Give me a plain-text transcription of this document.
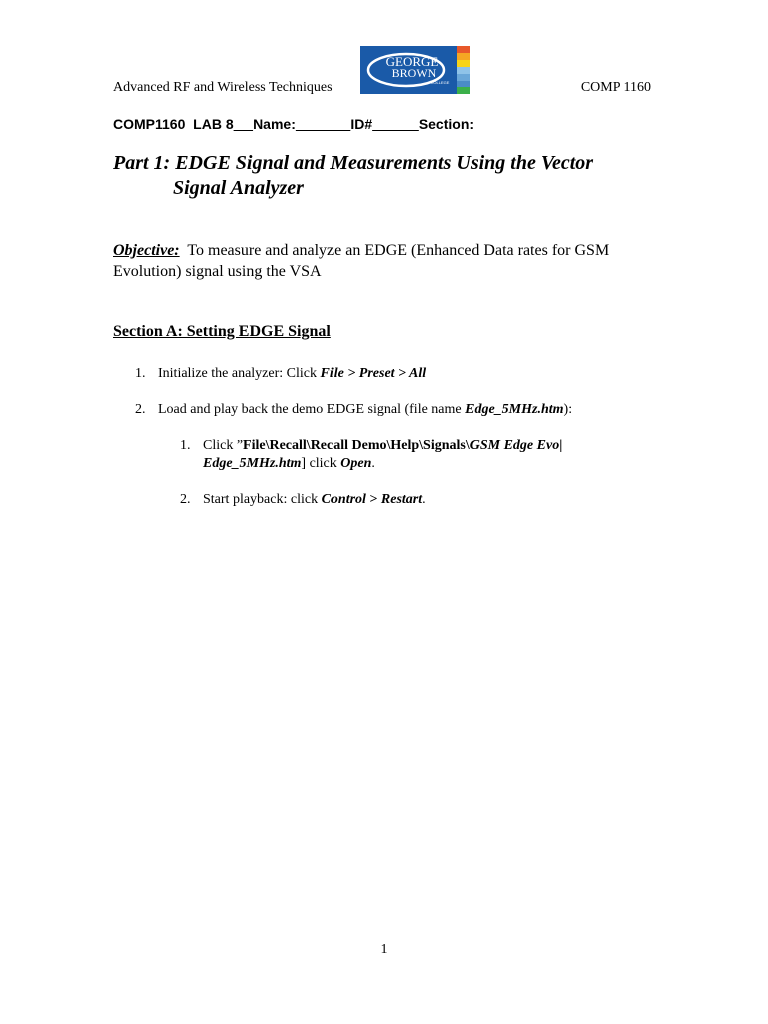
Advanced RF and Wireless Techniques
GEORGE
BROWN
COLLEGE	COMP 1160
COMP1160  LAB 8 Name:	ID#	Section:
Part 1: EDGE Signal and Measurements Using the Vector
Signal Analyzer
Objective: To measure and analyze an EDGE (Enhanced Data rates for GSM Evolution) signal using the VSA
Section A: Setting EDGE Signal
1. Initialize the analyzer: Click File > Preset > All
2. Load and play back the demo EDGE signal (file name Edge_5MHz.htm):
1. Click ”File\Recall\Recall Demo\Help\Signals\GSM Edge Evo|
Edge_5MHz.htm] click Open.
2. Start playback: click Control > Restart.
1
